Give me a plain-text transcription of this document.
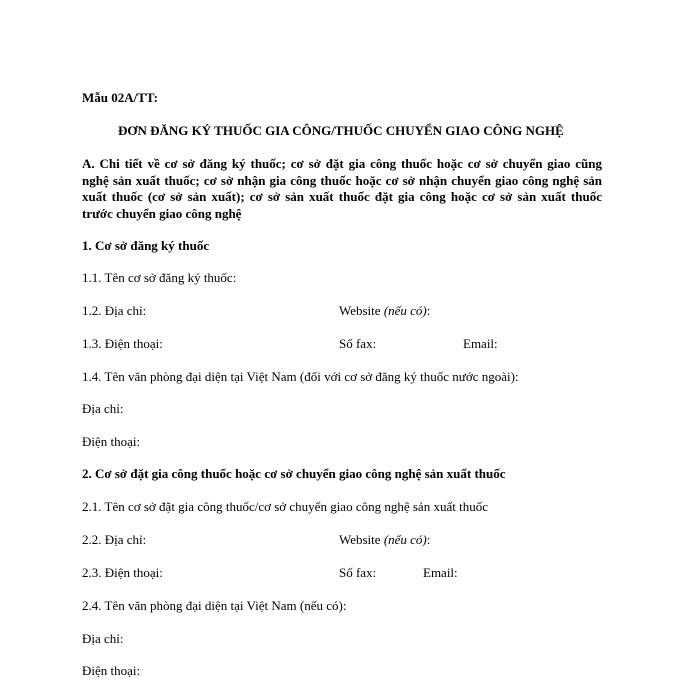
Mẫu 02A/TT:
ĐƠN ĐĂNG KÝ THUỐC GIA CÔNG/THUỐC CHUYỂN GIAO CÔNG NGHỆ
A. Chi tiết về cơ sở đăng ký thuốc; cơ sở đặt gia công thuốc hoặc cơ sở chuyển giao cũng
nghệ sản xuất thuốc; cơ sở nhận gia công thuốc hoặc cơ sở nhận chuyển giao công nghệ sản
xuất thuốc (cơ sở sản xuất); cơ sở sản xuất thuốc đặt gia công hoặc cơ sở sản xuất thuốc
trước chuyển giao công nghệ
1. Cơ sở đăng ký thuốc
1.1. Tên cơ sở đăng ký thuốc:
1.2. Địa chỉ:	Website (nếu có):
1.3. Điện thoại:	Số fax:	Email:
1.4. Tên văn phòng đại diện tại Việt Nam (đối với cơ sở đăng ký thuốc nước ngoài):
Địa chỉ:
Điện thoại:
2. Cơ sở đặt gia công thuốc hoặc cơ sở chuyển giao công nghệ sản xuất thuốc
2.1. Tên cơ sở đặt gia công thuốc/cơ sở chuyển giao công nghệ sản xuất thuốc
2.2. Địa chỉ:	Website (nếu có):
2.3. Điện thoại:	Số fax:	Email:
2.4. Tên văn phòng đại diện tại Việt Nam (nếu có):
Địa chỉ:
Điện thoại:
